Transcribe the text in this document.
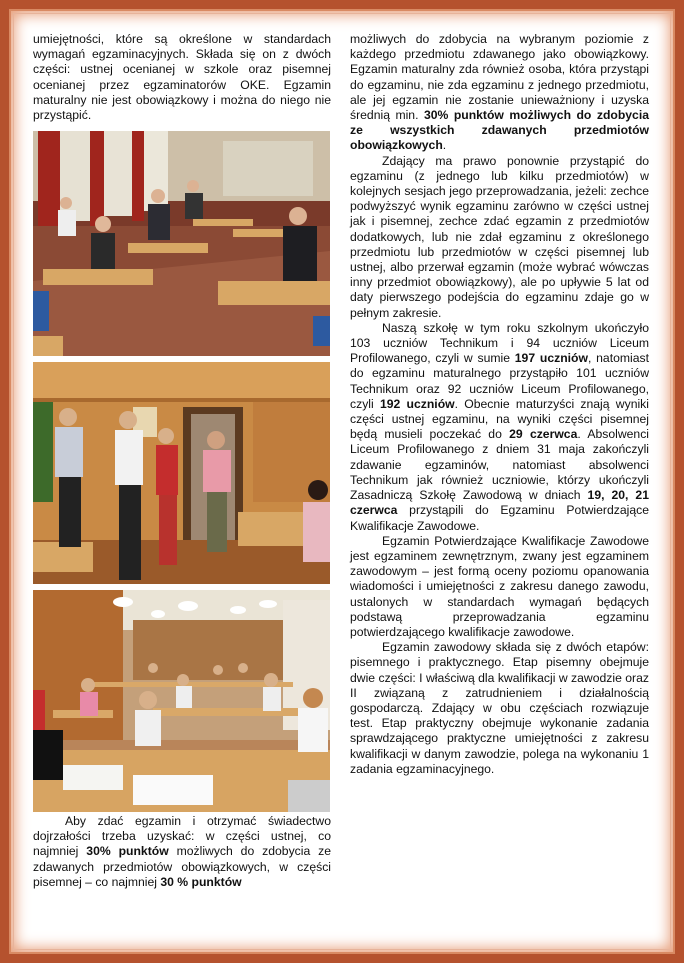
umiejętności, które są określone w standardach wymagań egzaminacyjnych. Składa się on z dwóch części: ustnej ocenianej w szkole oraz pisemnej ocenianej przez egzaminatorów OKE. Egzamin maturalny nie jest obowiązkowy i można do niego nie przystąpić.

Aby zdać egzamin i otrzymać świadectwo dojrzałości trzeba uzyskać: w części ustnej, co najmniej 30% punktów możliwych do zdobycia ze zdawanych przedmiotów obowiązkowych, w części pisemnej – co najmniej 30 % punktów

możliwych do zdobycia na wybranym poziomie z każdego przedmiotu zdawanego jako obowiązkowy. Egzamin maturalny zda również osoba, która przystąpi do egzaminu, nie zda egzaminu z jednego przedmiotu, ale jej egzamin nie zostanie unieważniony i uzyska średnią min. 30% punktów możliwych do zdobycia ze wszystkich zdawanych przedmiotów obowiązkowych.

Zdający ma prawo ponownie przystąpić do egzaminu (z jednego lub kilku przedmiotów) w kolejnych sesjach jego przeprowadzania, jeżeli: zechce podwyższyć wynik egzaminu zarówno w części ustnej jak i pisemnej, zechce zdać egzamin z przedmiotów dodatkowych, lub nie zdał egzaminu z określonego przedmiotu lub przedmiotów w części pisemnej lub ustnej, albo przerwał egzamin (może wybrać wówczas inny przedmiot obowiązkowy), ale po upływie 5 lat od daty pierwszego podejścia do egzaminu zdaje go w pełnym zakresie.

Naszą szkołę w tym roku szkolnym ukończyło 103 uczniów Technikum i 94 uczniów Liceum Profilowanego, czyli w sumie 197 uczniów, natomiast do egzaminu maturalnego przystąpiło 101 uczniów Technikum oraz 92 uczniów Liceum Profilowanego, czyli 192 uczniów. Obecnie maturzyści znają wyniki części ustnej egzaminu, na wyniki części pisemnej będą musieli poczekać do 29 czerwca. Absolwenci Liceum Profilowanego z dniem 31 maja zakończyli zdawanie egzaminów, natomiast absolwenci Technikum jak również uczniowie, którzy ukończyli Zasadniczą Szkołę Zawodową w dniach 19, 20, 21 czerwca przystąpili do Egzaminu Potwierdzające Kwalifikacje Zawodowe.

Egzamin Potwierdzające Kwalifikacje Zawodowe jest egzaminem zewnętrznym, zwany jest egzaminem zawodowym – jest formą oceny poziomu opanowania wiadomości i umiejętności z zakresu danego zawodu, ustalonych w standardach wymagań będących podstawą przeprowadzania egzaminu potwierdzającego kwalifikacje zawodowe.

Egzamin zawodowy składa się z dwóch etapów: pisemnego i praktycznego. Etap pisemny obejmuje dwie części: I właściwą dla kwalifikacji w zawodzie oraz II związaną z zatrudnieniem i działalnością gospodarczą. Zdający w obu częściach rozwiązuje test. Etap praktyczny obejmuje wykonanie zadania sprawdzającego praktyczne umiejętności z zakresu kwalifikacji w danym zawodzie, polega na wykonaniu 1 zadania egzaminacyjnego.
